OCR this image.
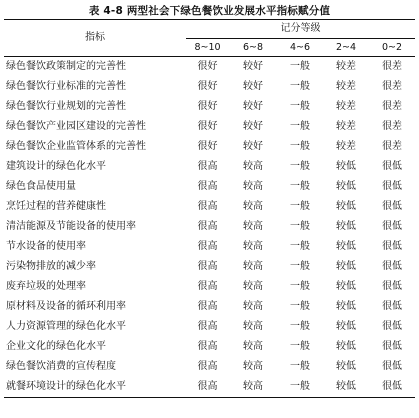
表 4-8 两型社会下绿色餐饮业发展水平指标赋分值
指标	记分等级				
	8~10	6~8	4~6	2~4	0~2
绿色餐饮政策制定的完善性	很好	较好	一般	较差	很差
绿色餐饮行业标准的完善性	很好	较好	一般	较差	很差
绿色餐饮行业规划的完善性	很好	较好	一般	较差	很差
绿色餐饮产业园区建设的完善性	很好	较好	一般	较差	很差
绿色餐饮企业监管体系的完善性	很好	较好	一般	较差	很差
建筑设计的绿色化水平	很高	较高	一般	较低	很低
绿色食品使用量	很高	较高	一般	较低	很低
烹饪过程的营养健康性	很高	较高	一般	较低	很低
清洁能源及节能设备的使用率	很高	较高	一般	较低	很低
节水设备的使用率	很高	较高	一般	较低	很低
污染物排放的减少率	很高	较高	一般	较低	很低
废弃垃圾的处理率	很高	较高	一般	较低	很低
原材料及设备的循环利用率	很高	较高	一般	较低	很低
人力资源管理的绿色化水平	很高	较高	一般	较低	很低
企业文化的绿色化水平	很高	较高	一般	较低	很低
绿色餐饮消费的宣传程度	很高	较高	一般	较低	很低
就餐环境设计的绿色化水平	很高	较高	一般	较低	很低
